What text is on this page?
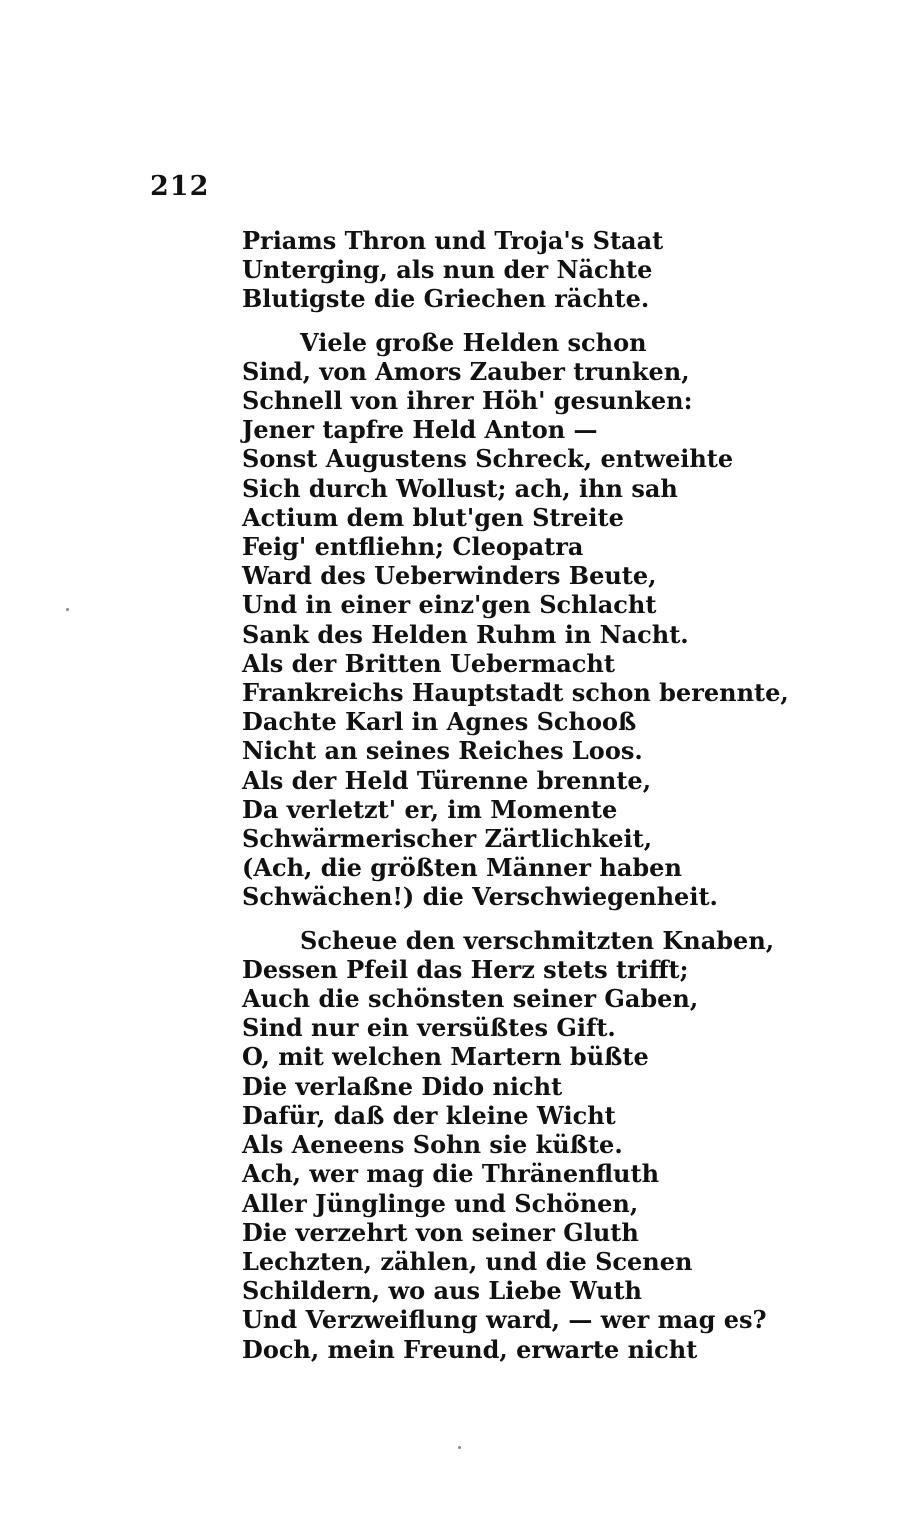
212
Priams Thron und Troja's Staat
Unterging, als nun der Nächte
Blutigste die Griechen rächte.
Viele große Helden schon
Sind, von Amors Zauber trunken,
Schnell von ihrer Höh' gesunken:
Jener tapfre Held Anton —
Sonst Augustens Schreck, entweihte
Sich durch Wollust; ach, ihn sah
Actium dem blut'gen Streite
Feig' entfliehn; Cleopatra
Ward des Ueberwinders Beute,
Und in einer einz'gen Schlacht
Sank des Helden Ruhm in Nacht.
Als der Britten Uebermacht
Frankreichs Hauptstadt schon berennte,
Dachte Karl in Agnes Schooß
Nicht an seines Reiches Loos.
Als der Held Türenne brennte,
Da verletzt' er, im Momente
Schwärmerischer Zärtlichkeit,
(Ach, die größten Männer haben
Schwächen!) die Verschwiegenheit.
Scheue den verschmitzten Knaben,
Dessen Pfeil das Herz stets trifft;
Auch die schönsten seiner Gaben,
Sind nur ein versüßtes Gift.
O, mit welchen Martern büßte
Die verlaßne Dido nicht
Dafür, daß der kleine Wicht
Als Aeneens Sohn sie küßte.
Ach, wer mag die Thränenfluth
Aller Jünglinge und Schönen,
Die verzehrt von seiner Gluth
Lechzten, zählen, und die Scenen
Schildern, wo aus Liebe Wuth
Und Verzweiflung ward, — wer mag es?
Doch, mein Freund, erwarte nicht
